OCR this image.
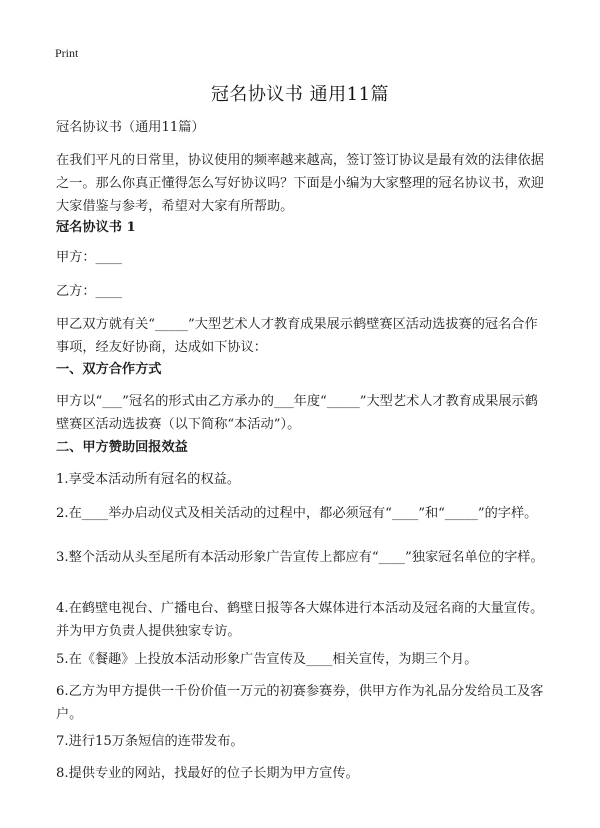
Print
冠名协议书 通用11篇

冠名协议书（通用11篇）

在我们平凡的日常里，协议使用的频率越来越高，签订签订协议是最有效的法律依据之一。那么你真正懂得怎么写好协议吗？下面是小编为大家整理的冠名协议书，欢迎大家借鉴与参考，希望对大家有所帮助。

冠名协议书 1

甲方：____

乙方：____

甲乙双方就有关“_____”大型艺术人才教育成果展示鹤壁赛区活动选拔赛的冠名合作事项，经友好协商，达成如下协议：

一、双方合作方式

甲方以“___”冠名的形式由乙方承办的___年度“_____”大型艺术人才教育成果展示鹤壁赛区活动选拔赛（以下简称“本活动”）。

二、甲方赞助回报效益

1.享受本活动所有冠名的权益。

2.在____举办启动仪式及相关活动的过程中，都必须冠有“____”和“_____”的字样。

3.整个活动从头至尾所有本活动形象广告宣传上都应有“____”独家冠名单位的字样。

4.在鹤壁电视台、广播电台、鹤壁日报等各大媒体进行本活动及冠名商的大量宣传。并为甲方负责人提供独家专访。

5.在《餐趣》上投放本活动形象广告宣传及____相关宣传，为期三个月。

6.乙方为甲方提供一千份价值一万元的初赛参赛券，供甲方作为礼品分发给员工及客户。

7.进行15万条短信的连带发布。

8.提供专业的网站，找最好的位子长期为甲方宣传。
